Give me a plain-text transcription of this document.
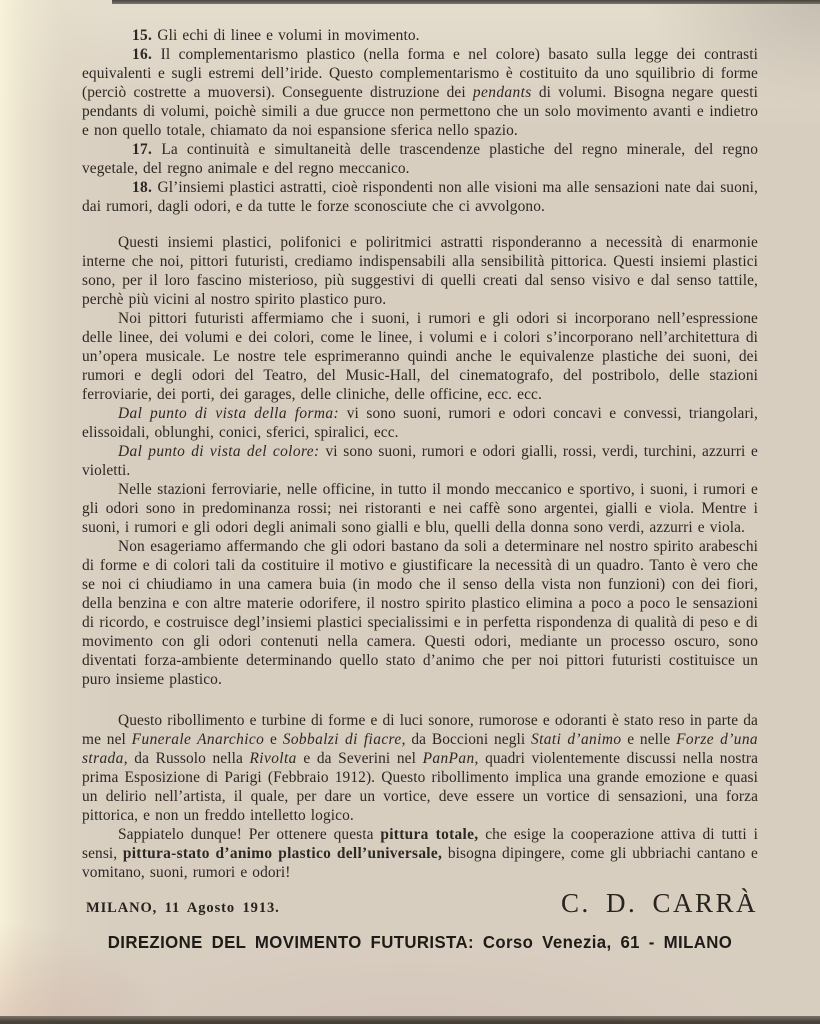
15. Gli echi di linee e volumi in movimento.

16. Il complementarismo plastico (nella forma e nel colore) basato sulla legge dei contrasti equivalenti e sugli estremi dell’iride. Questo complementarismo è costituito da uno squilibrio di forme (perciò costrette a muoversi). Conseguente distruzione dei pendants di volumi. Bisogna negare questi pendants di volumi, poichè simili a due grucce non permettono che un solo movimento avanti e indietro e non quello totale, chiamato da noi espansione sferica nello spazio.

17. La continuità e simultaneità delle trascendenze plastiche del regno minerale, del regno vegetale, del regno animale e del regno meccanico.

18. Gl’insiemi plastici astratti, cioè rispondenti non alle visioni ma alle sensazioni nate dai suoni, dai rumori, dagli odori, e da tutte le forze sconosciute che ci avvolgono.

Questi insiemi plastici, polifonici e poliritmici astratti risponderanno a necessità di enarmonie interne che noi, pittori futuristi, crediamo indispensabili alla sensibilità pittorica. Questi insiemi plastici sono, per il loro fascino misterioso, più suggestivi di quelli creati dal senso visivo e dal senso tattile, perchè più vicini al nostro spirito plastico puro.

Noi pittori futuristi affermiamo che i suoni, i rumori e gli odori si incorporano nell’espressione delle linee, dei volumi e dei colori, come le linee, i volumi e i colori s’incorporano nell’architettura di un’opera musicale. Le nostre tele esprimeranno quindi anche le equivalenze plastiche dei suoni, dei rumori e degli odori del Teatro, del Music-Hall, del cinematografo, del postribolo, delle stazioni ferroviarie, dei porti, dei garages, delle cliniche, delle officine, ecc. ecc.

Dal punto di vista della forma: vi sono suoni, rumori e odori concavi e convessi, triangolari, elissoidali, oblunghi, conici, sferici, spiralici, ecc.

Dal punto di vista del colore: vi sono suoni, rumori e odori gialli, rossi, verdi, turchini, azzurri e violetti.

Nelle stazioni ferroviarie, nelle officine, in tutto il mondo meccanico e sportivo, i suoni, i rumori e gli odori sono in predominanza rossi; nei ristoranti e nei caffè sono argentei, gialli e viola. Mentre i suoni, i rumori e gli odori degli animali sono gialli e blu, quelli della donna sono verdi, azzurri e viola.

Non esageriamo affermando che gli odori bastano da soli a determinare nel nostro spirito arabeschi di forme e di colori tali da costituire il motivo e giustificare la necessità di un quadro. Tanto è vero che se noi ci chiudiamo in una camera buia (in modo che il senso della vista non funzioni) con dei fiori, della benzina e con altre materie odorifere, il nostro spirito plastico elimina a poco a poco le sensazioni di ricordo, e costruisce degl’insiemi plastici specialissimi e in perfetta rispondenza di qualità di peso e di movimento con gli odori contenuti nella camera. Questi odori, mediante un processo oscuro, sono diventati forza-ambiente determinando quello stato d’animo che per noi pittori futuristi costituisce un puro insieme plastico.

Questo ribollimento e turbine di forme e di luci sonore, rumorose e odoranti è stato reso in parte da me nel Funerale Anarchico e Sobbalzi di fiacre, da Boccioni negli Stati d’animo e nelle Forze d’una strada, da Russolo nella Rivolta e da Severini nel PanPan, quadri violentemente discussi nella nostra prima Esposizione di Parigi (Febbraio 1912). Questo ribollimento implica una grande emozione e quasi un delirio nell’artista, il quale, per dare un vortice, deve essere un vortice di sensazioni, una forza pittorica, e non un freddo intelletto logico.

Sappiatelo dunque! Per ottenere questa pittura totale, che esige la cooperazione attiva di tutti i sensi, pittura-stato d’animo plastico dell’universale, bisogna dipingere, come gli ubbriachi cantano e vomitano, suoni, rumori e odori!

MILANO, 11 Agosto 1913.	C. D. CARRÀ
DIREZIONE DEL MOVIMENTO FUTURISTA: Corso Venezia, 61 - MILANO
